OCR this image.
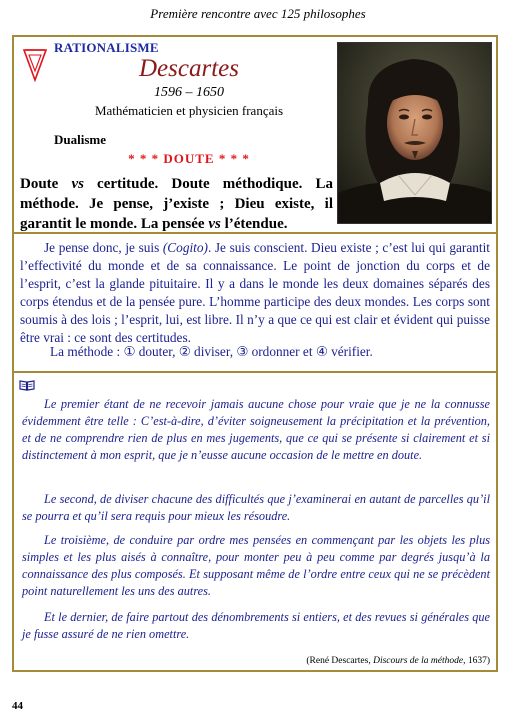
Première rencontre avec 125 philosophes
RATIONALISME
Descartes
1596 – 1650
Mathématicien et physicien français
Dualisme
* * * DOUTE * * *
Doute vs certitude. Doute méthodique. La méthode. Je pense, j’existe ; Dieu existe, il garantit le monde. La pensée vs l’étendue.

Je pense donc, je suis (Cogito). Je suis conscient. Dieu existe ; c’est lui qui garantit l’effectivité du monde et de sa connaissance. Le point de jonction du corps et de l’esprit, c’est la glande pituitaire. Il y a dans le monde les deux domaines séparés des corps étendus et de la pensée pure. L’homme participe des deux mondes. Les corps sont soumis à des lois ; l’esprit, lui, est libre. Il n’y a que ce qui est clair et évident qui puisse être vrai : ce sont des certitudes.

La méthode : ① douter, ② diviser, ③ ordonner et ④ vérifier.

Le premier étant de ne recevoir jamais aucune chose pour vraie que je ne la connusse évidemment être telle : C’est-à-dire, d’éviter soigneusement la précipitation et la prévention, et de ne comprendre rien de plus en mes jugements, que ce qui se présente si clairement et si distinctement à mon esprit, que je n’eusse aucune occasion de le mettre en doute.

Le second, de diviser chacune des difficultés que j’examinerai en autant de parcelles qu’il se pourra et qu’il sera requis pour mieux les résoudre.

Le troisième, de conduire par ordre mes pensées en commençant par les objets les plus simples et les plus aisés à connaître, pour monter peu à peu comme par degrés jusqu’à la connaissance des plus composés. Et supposant même de l’ordre entre ceux qui ne se précèdent point naturellement les uns des autres.

Et le dernier, de faire partout des dénombrements si entiers, et des revues si générales que je fusse assuré de ne rien omettre.

(René Descartes, Discours de la méthode, 1637)
44
